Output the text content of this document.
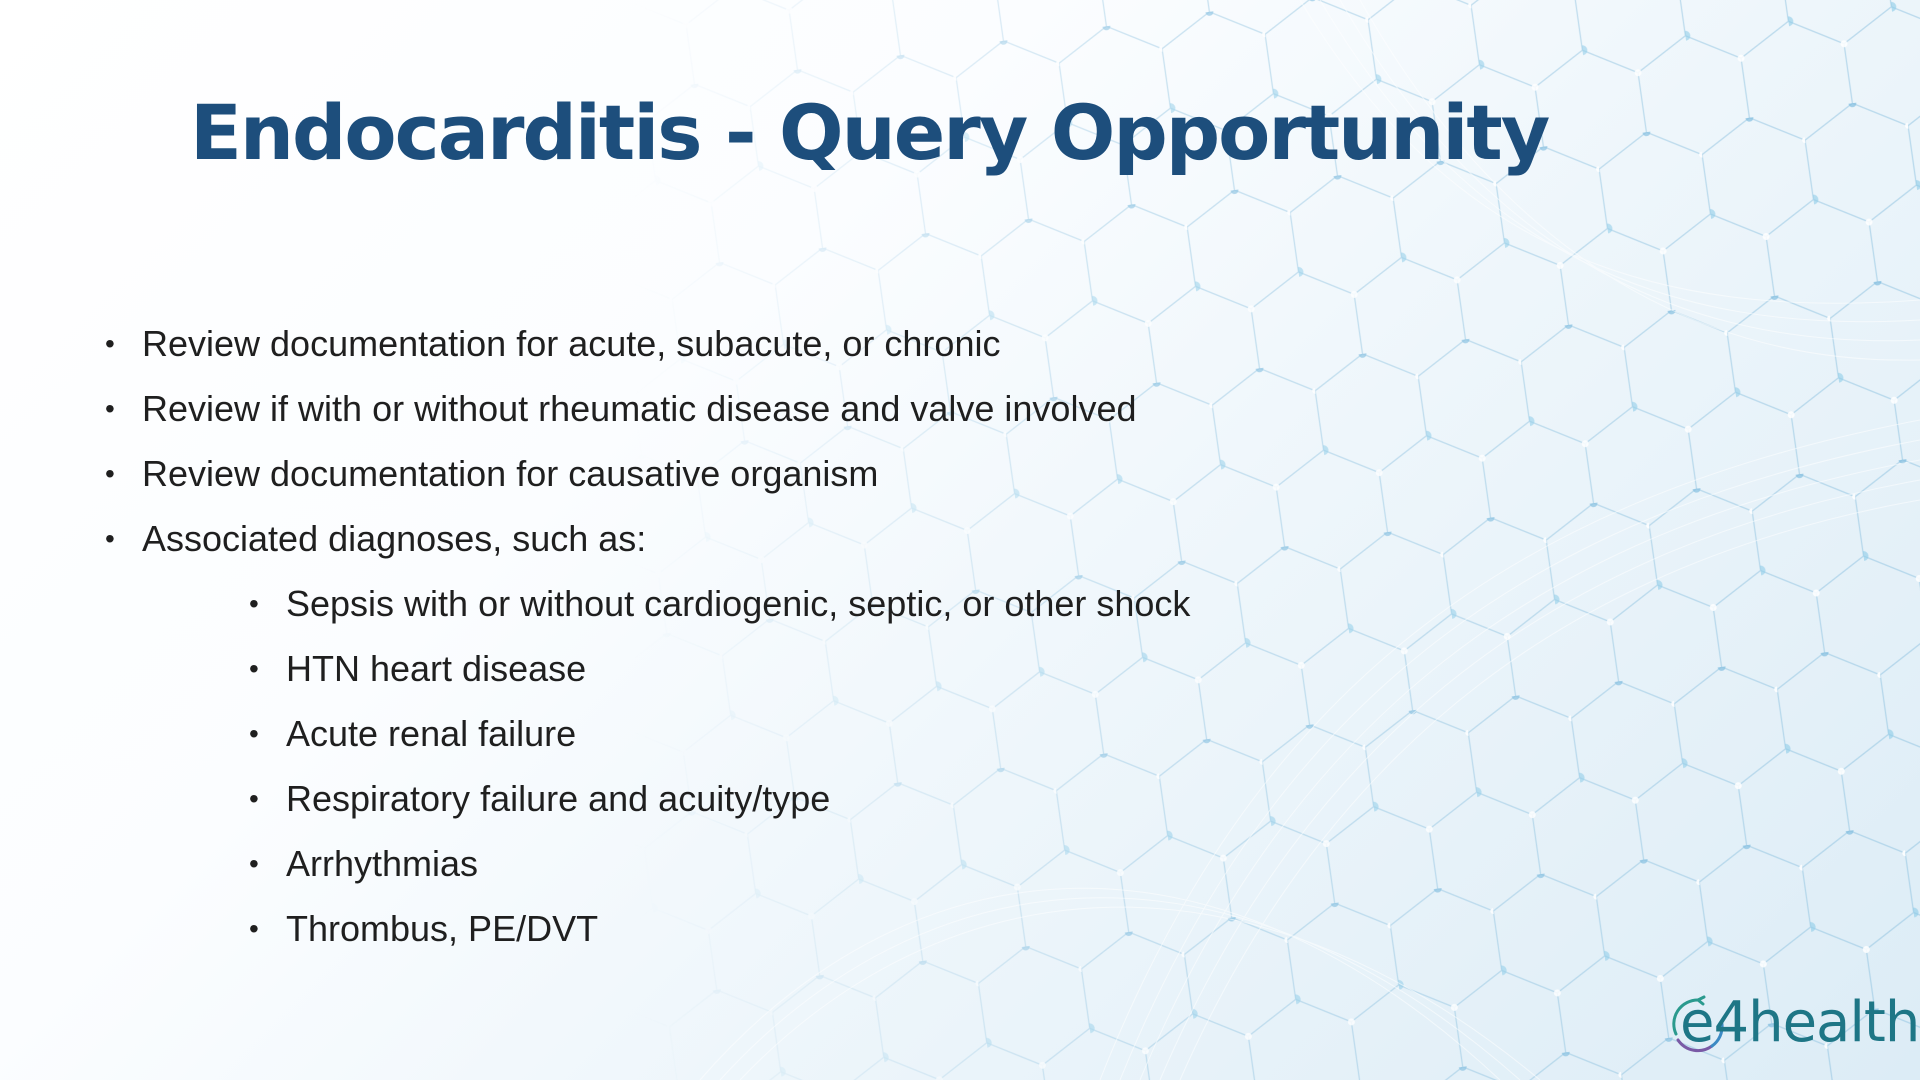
Endocarditis - Query Opportunity
• Review documentation for acute, subacute, or chronic
• Review if with or without rheumatic disease and valve involved
• Review documentation for causative organism
• Associated diagnoses, such as:
• Sepsis with or without cardiogenic, septic, or other shock
• HTN heart disease
• Acute renal failure
• Respiratory failure and acuity/type
• Arrhythmias
• Thrombus, PE/DVT
e4health
